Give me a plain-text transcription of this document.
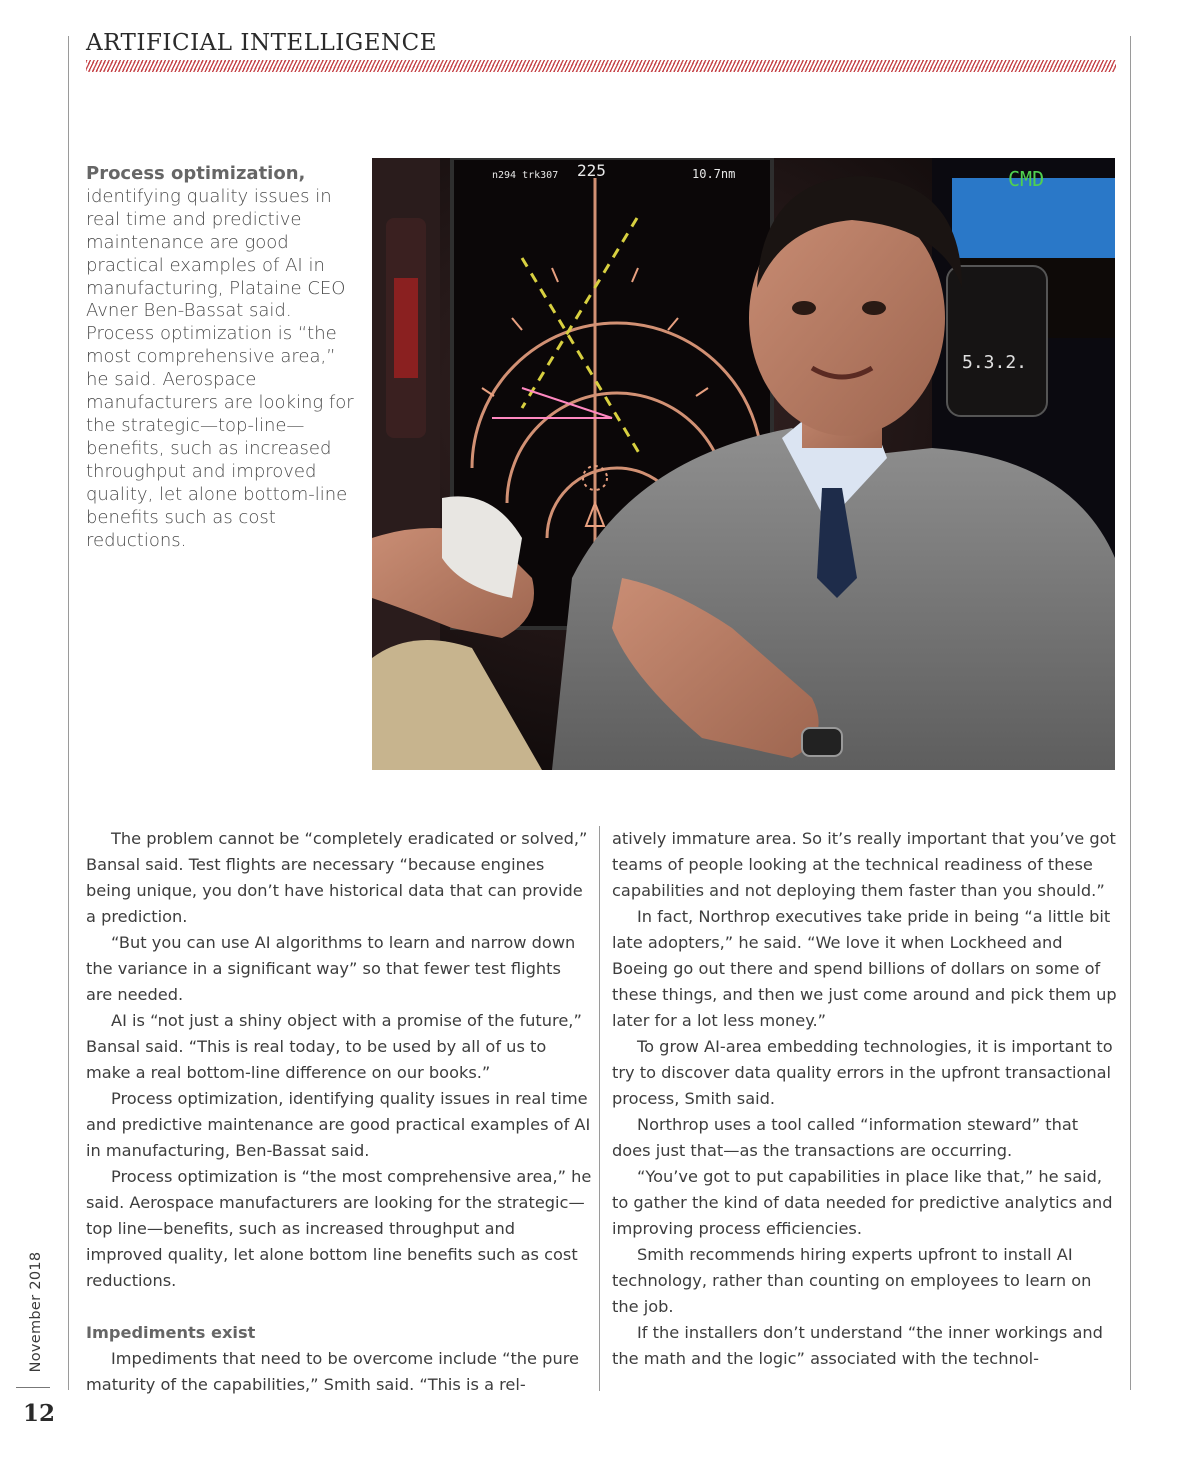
ARTIFICIAL INTELLIGENCE
Process optimization, identifying quality issues in real time and predictive maintenance are good practical examples of AI in manufacturing, Plataine CEO Avner Ben-Bassat said. Process optimization is “the most comprehensive area,” he said. Aerospace manufacturers are looking for the strategic—top-line—benefits, such as increased throughput and improved quality, let alone bottom-line benefits such as cost reductions.
225
n294 trk307	10.7nm	CMD
5.3.2.

The problem cannot be “completely eradicated or solved,” Bansal said. Test flights are necessary “because engines being unique, you don’t have historical data that can provide a prediction.

“But you can use AI algorithms to learn and narrow down the variance in a significant way” so that fewer test flights are needed.

AI is “not just a shiny object with a promise of the future,” Bansal said. “This is real today, to be used by all of us to make a real bottom-line difference on our books.”

Process optimization, identifying quality issues in real time and predictive maintenance are good practical examples of AI in manufacturing, Ben-Bassat said.

Process optimization is “the most comprehensive area,” he said. Aerospace manufacturers are looking for the strategic—top line—benefits, such as increased throughput and improved quality, let alone bottom line benefits such as cost reductions.

Impediments exist

Impediments that need to be overcome include “the pure maturity of the capabilities,” Smith said. “This is a rel-

atively immature area. So it’s really important that you’ve got teams of people looking at the technical readiness of these capabilities and not deploying them faster than you should.”

In fact, Northrop executives take pride in being “a little bit late adopters,” he said. “We love it when Lockheed and Boeing go out there and spend billions of dollars on some of these things, and then we just come around and pick them up later for a lot less money.”

To grow AI-area embedding technologies, it is important to try to discover data quality errors in the upfront transactional process, Smith said.

Northrop uses a tool called “information steward” that does just that—as the transactions are occurring.

“You’ve got to put capabilities in place like that,” he said, to gather the kind of data needed for predictive analytics and improving process efficiencies.

Smith recommends hiring experts upfront to install AI technology, rather than counting on employees to learn on the job.

If the installers don’t understand “the inner workings and the math and the logic” associated with the technol-

November 2018
12
